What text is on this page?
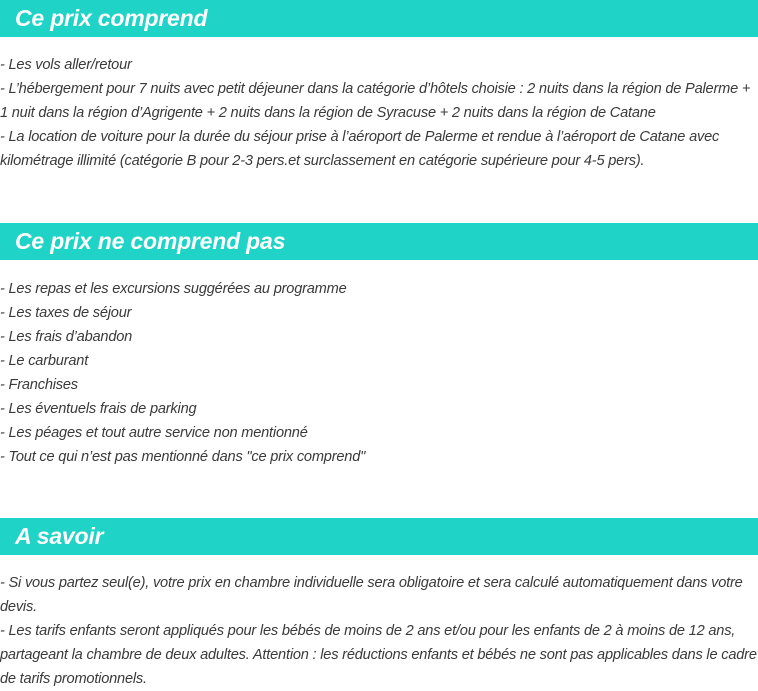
Ce prix comprend
- Les vols aller/retour
- L’hébergement pour 7 nuits avec petit déjeuner dans la catégorie d’hôtels choisie : 2 nuits dans la région de Palerme + 1 nuit dans la région d’Agrigente + 2 nuits dans la région de Syracuse + 2 nuits dans la région de Catane
- La location de voiture pour la durée du séjour prise à l’aéroport de Palerme et rendue à l’aéroport de Catane avec kilométrage illimité (catégorie B pour 2-3 pers.et surclassement en catégorie supérieure pour 4-5 pers).
Ce prix ne comprend pas
- Les repas et les excursions suggérées au programme
- Les taxes de séjour
- Les frais d’abandon
- Le carburant
- Franchises
- Les éventuels frais de parking
- Les péages et tout autre service non mentionné
- Tout ce qui n’est pas mentionné dans "ce prix comprend"
A savoir
- Si vous partez seul(e), votre prix en chambre individuelle sera obligatoire et sera calculé automatiquement dans votre devis.
- Les tarifs enfants seront appliqués pour les bébés de moins de 2 ans et/ou pour les enfants de 2 à moins de 12 ans, partageant la chambre de deux adultes. Attention : les réductions enfants et bébés ne sont pas applicables dans le cadre de tarifs promotionnels.
